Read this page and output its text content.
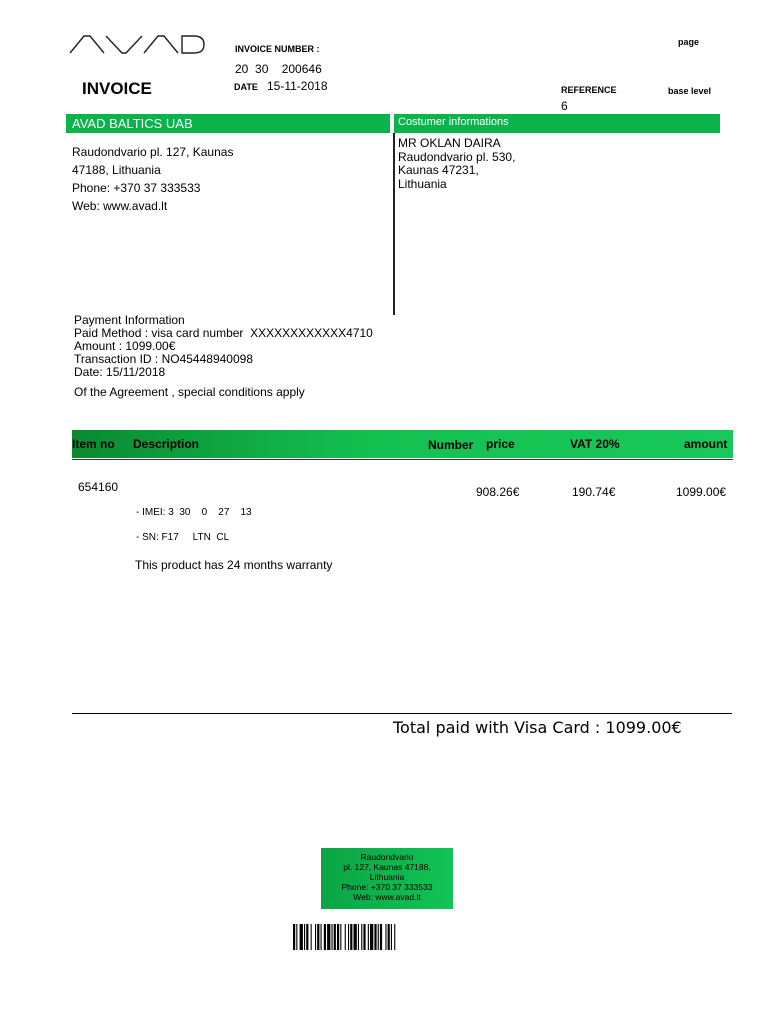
INVOICE NUMBER :
20  30    200646
INVOICE	DATE 15-11-2018
page
REFERENCE
6
base level
AVAD BALTICS UAB	Costumer informations
Raudondvario pl. 127, Kaunas
47188, Lithuania
Phone: +370 37 333533
Web: www.avad.lt
MR OKLAN DAIRA
Raudondvario pl. 530,
Kaunas 47231,
Lithuania
Payment Information
Paid Method : visa card number  XXXXXXXXXXXX4710
Amount : 1099.00€
Transaction ID : NO45448940098
Date: 15/11/2018
Of the Agreement , special conditions apply
Item no Description	Number price	VAT 20%	amount
654160	908.26€	190.74€	1099.00€
- IMEI: 3  30    0    27    13
- SN: F17     LTN  CL
This product has 24 months warranty
Total paid with Visa Card : 1099.00€
Raudondvario
pl. 127, Kaunas 47188,
Lithuania
Phone: +370 37 333533
Web: www.avad.lt
